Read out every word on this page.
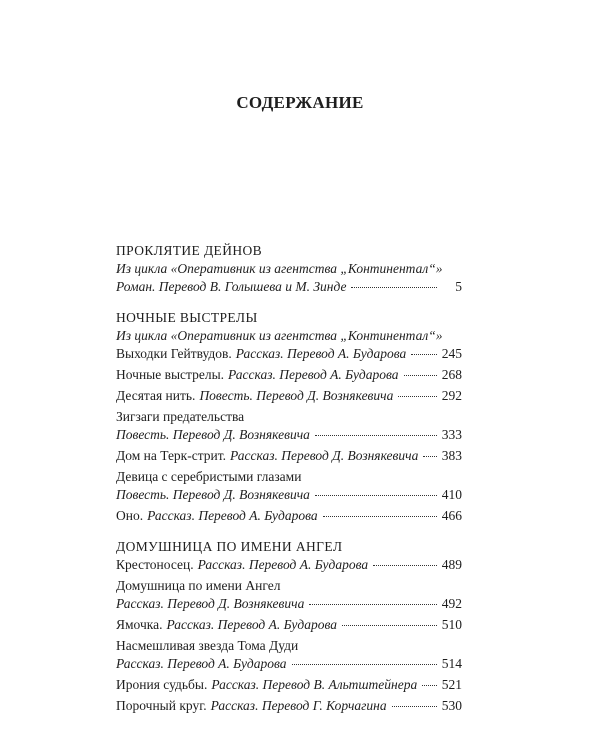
СОДЕРЖАНИЕ
ПРОКЛЯТИЕ ДЕЙНОВ
Из цикла «Оперативник из агентства „Континентал“»
Роман. Перевод В. Голышева и М. Зинде	5
НОЧНЫЕ ВЫСТРЕЛЫ
Из цикла «Оперативник из агентства „Континентал“»
Выходки Гейтвудов. Рассказ. Перевод А. Бударова	245
Ночные выстрелы. Рассказ. Перевод А. Бударова	268
Десятая нить. Повесть. Перевод Д. Вознякевича	292
Зигзаги предательства
Повесть. Перевод Д. Вознякевича	333
Дом на Терк-стрит. Рассказ. Перевод Д. Вознякевича 383
Девица с серебристыми глазами
Повесть. Перевод Д. Вознякевича	410
Оно. Рассказ. Перевод А. Бударова	466
ДОМУШНИЦА ПО ИМЕНИ АНГЕЛ
Крестоносец. Рассказ. Перевод А. Бударова	489
Домушница по имени Ангел
Рассказ. Перевод Д. Вознякевича	492
Ямочка. Рассказ. Перевод А. Бударова	510
Насмешливая звезда Тома Дуди
Рассказ. Перевод А. Бударова	514
Ирония судьбы. Рассказ. Перевод В. Альтштейнера 521
Порочный круг. Рассказ. Перевод Г. Корчагина	530
